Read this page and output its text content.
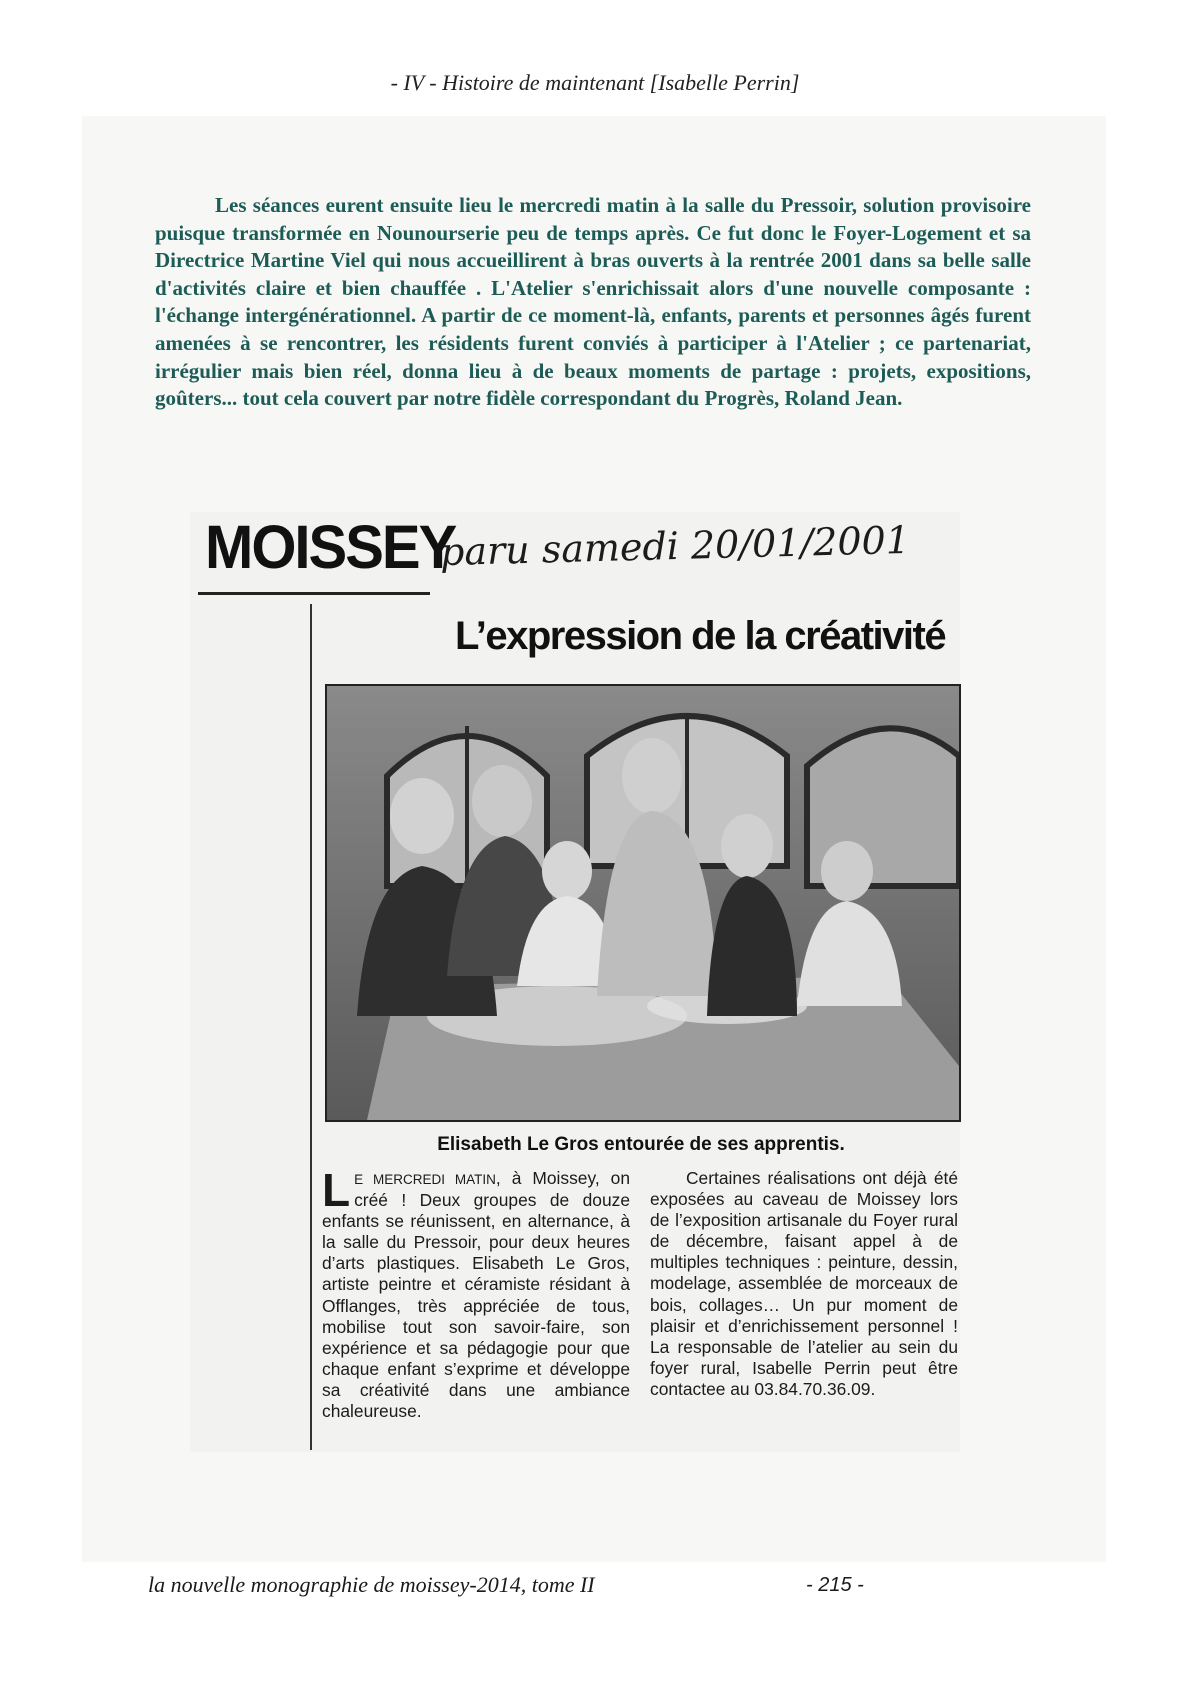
- IV - Histoire de maintenant [Isabelle Perrin]

Les séances eurent ensuite lieu le mercredi matin à la salle du Pressoir, solution provisoire puisque transformée en Nounourserie peu de temps après. Ce fut donc le Foyer-Logement et sa Directrice Martine Viel qui nous accueillirent à bras ouverts à la rentrée 2001 dans sa belle salle d'activités claire et bien chauffée . L'Atelier s'enrichissait alors d'une nouvelle composante : l'échange intergénérationnel. A partir de ce moment-là, enfants, parents et personnes âgés furent amenées à se rencontrer, les résidents furent conviés à participer à l'Atelier ; ce partenariat, irrégulier mais bien réel, donna lieu à de beaux moments de partage : projets, expositions, goûters... tout cela couvert par notre fidèle correspondant du Progrès, Roland Jean.

MOISSEY
paru samedi 20/01/2001
L’expression de la créativité
Elisabeth Le Gros entourée de ses apprentis.

L E MERCREDI MATIN, à Moissey, on créé ! Deux groupes de douze enfants se réunissent, en alternance, à la salle du Pressoir, pour deux heures d’arts plastiques. Elisabeth Le Gros, artiste peintre et céramiste résidant à Offlanges, très appréciée de tous, mobilise tout son savoir-faire, son expérience et sa pédagogie pour que chaque enfant s’exprime et développe sa créativité dans une ambiance chaleureuse.

Certaines réalisations ont déjà été exposées au caveau de Moissey lors de l’exposition artisanale du Foyer rural de décembre, faisant appel à de multiples techniques : peinture, dessin, modelage, assemblée de morceaux de bois, collages… Un pur moment de plaisir et d’enrichissement personnel ! La responsable de l’atelier au sein du foyer rural, Isabelle Perrin peut être contactee au 03.84.70.36.09.

la nouvelle monographie de moissey-2014, tome II	- 215 -
